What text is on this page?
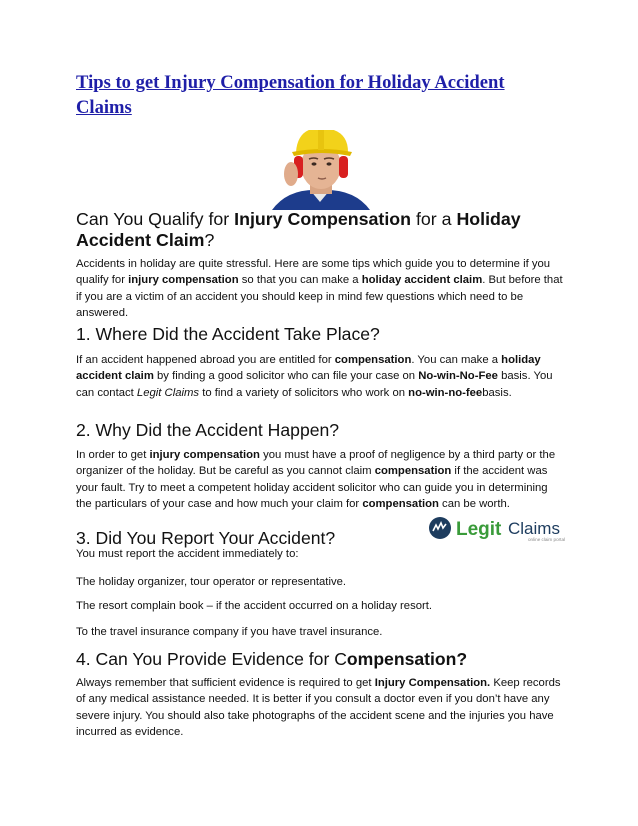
Tips to get Injury Compensation for Holiday Accident Claims
Can You Qualify for Injury Compensation for a Holiday Accident Claim?

Accidents in holiday are quite stressful. Here are some tips which guide you to determine if you qualify for injury compensation so that you can make a holiday accident claim. But before that if you are a victim of an accident you should keep in mind few questions which need to be answered.

1. Where Did the Accident Take Place?

If an accident happened abroad you are entitled for compensation. You can make a holiday accident claim by finding a good solicitor who can file your case on No-win-No-Fee basis. You can contact Legit Claims to find a variety of solicitors who work on no-win-no-feebasis.

2. Why Did the Accident Happen?

In order to get injury compensation you must have a proof of negligence by a third party or the organizer of the holiday. But be careful as you cannot claim compensation if the accident was your fault. Try to meet a competent holiday accident solicitor who can guide you in determining the particulars of your case and how much your claim for compensation can be worth.

3. Did You Report Your Accident?	Legit Claims
online claim portal

You must report the accident immediately to:

The holiday organizer, tour operator or representative.

The resort complain book – if the accident occurred on a holiday resort.

To the travel insurance company if you have travel insurance.

4. Can You Provide Evidence for Compensation?

Always remember that sufficient evidence is required to get Injury Compensation. Keep records of any medical assistance needed. It is better if you consult a doctor even if you don’t have any severe injury. You should also take photographs of the accident scene and the injuries you have incurred as evidence.
